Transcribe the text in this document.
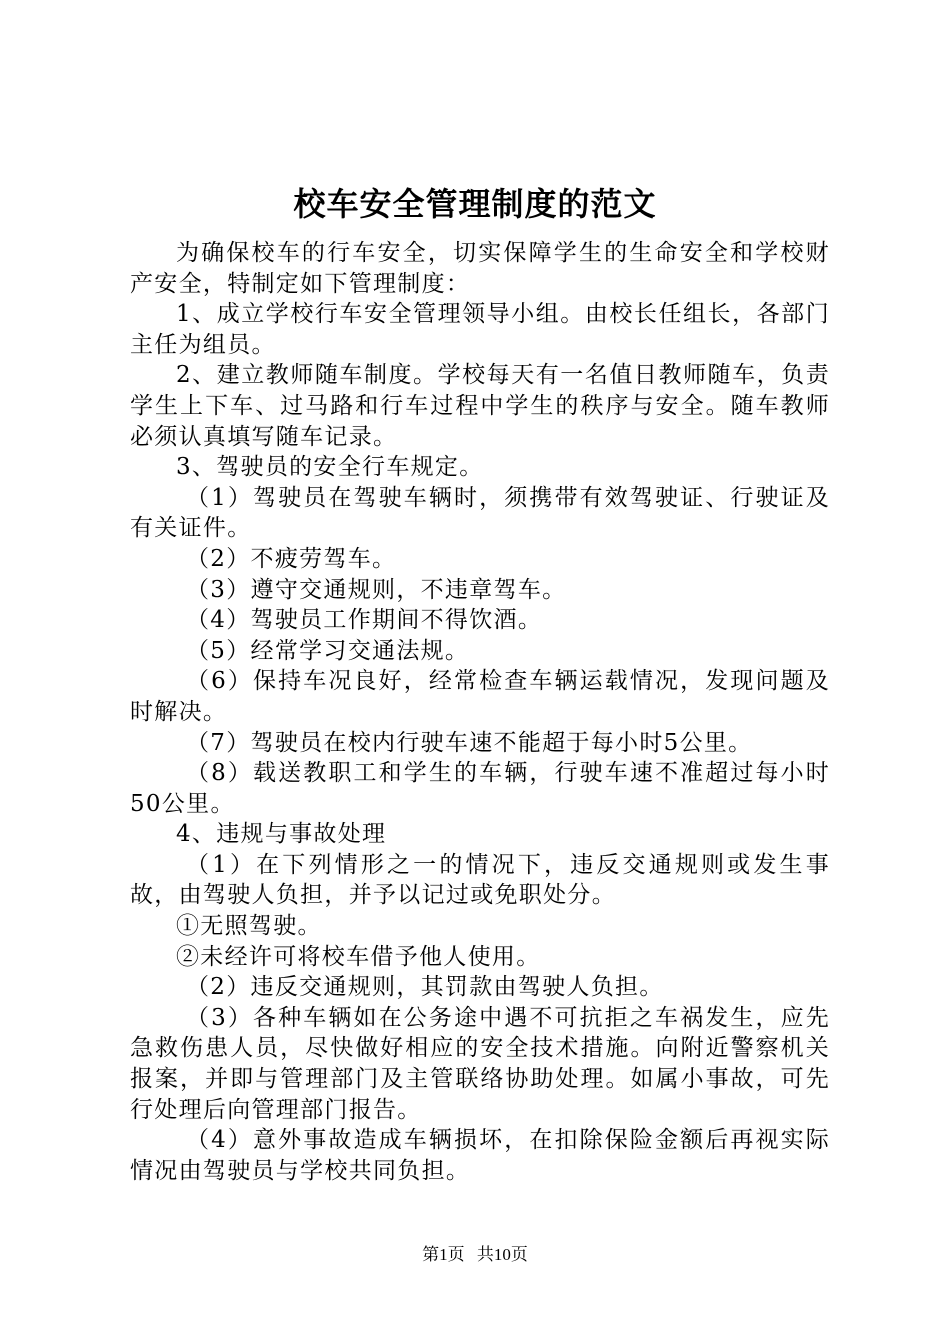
校车安全管理制度的范文

为确保校车的行车安全，切实保障学生的生命安全和学校财产安全，特制定如下管理制度：

1、成立学校行车安全管理领导小组。由校长任组长，各部门主任为组员。

2、建立教师随车制度。学校每天有一名值日教师随车，负责学生上下车、过马路和行车过程中学生的秩序与安全。随车教师必须认真填写随车记录。

3、驾驶员的安全行车规定。

（1）驾驶员在驾驶车辆时，须携带有效驾驶证、行驶证及有关证件。

（2）不疲劳驾车。

（3）遵守交通规则，不违章驾车。

（4）驾驶员工作期间不得饮酒。

（5）经常学习交通法规。

（6）保持车况良好，经常检查车辆运载情况，发现问题及时解决。

（7）驾驶员在校内行驶车速不能超于每小时5公里。

（8）载送教职工和学生的车辆，行驶车速不准超过每小时50公里。

4、违规与事故处理

（1）在下列情形之一的情况下，违反交通规则或发生事故，由驾驶人负担，并予以记过或免职处分。

①无照驾驶。

②未经许可将校车借予他人使用。

（2）违反交通规则，其罚款由驾驶人负担。

（3）各种车辆如在公务途中遇不可抗拒之车祸发生，应先急救伤患人员，尽快做好相应的安全技术措施。向附近警察机关报案，并即与管理部门及主管联络协助处理。如属小事故，可先行处理后向管理部门报告。

（4）意外事故造成车辆损坏，在扣除保险金额后再视实际情况由驾驶员与学校共同负担。

第1页 共10页
